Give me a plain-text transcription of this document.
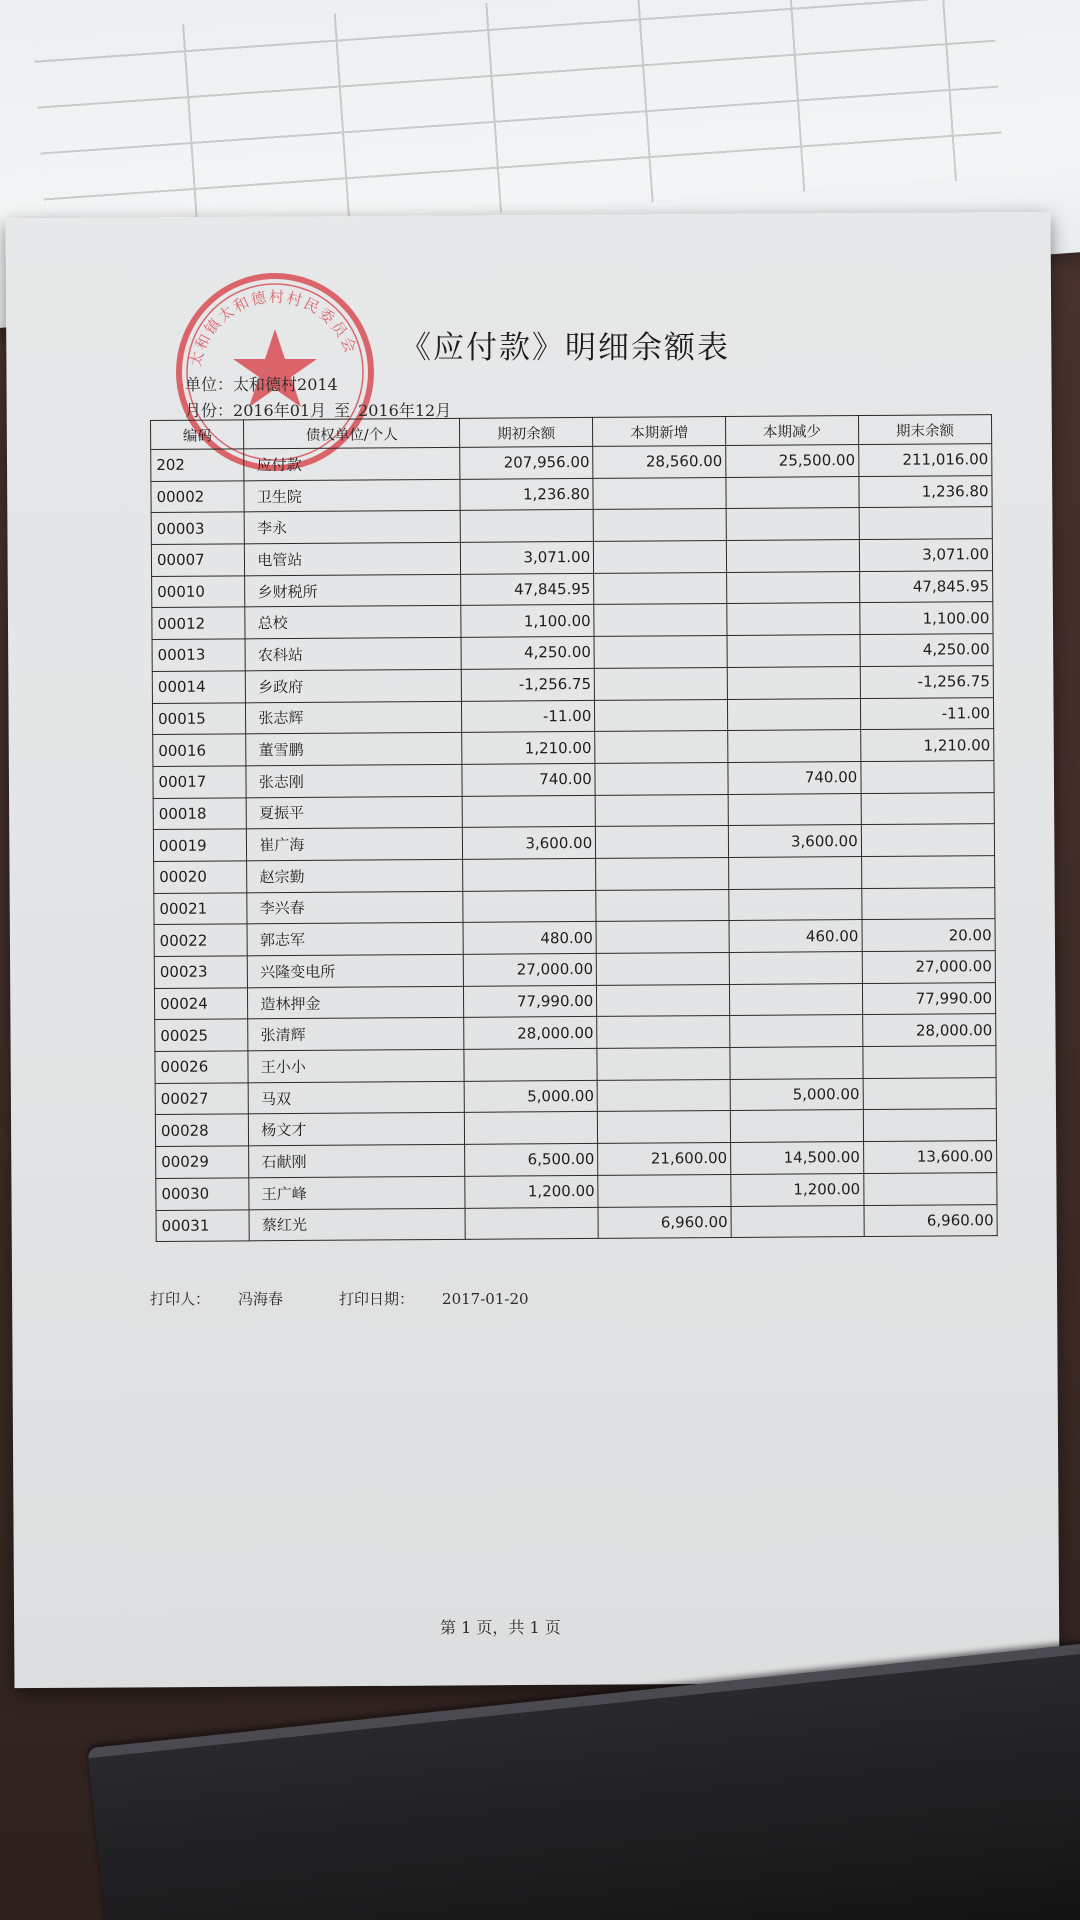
太和镇太和德村村民委员会 《应付款》明细余额表
单位：太和德村2014
月份：2016年01月 至 2016年12月
编码	债权单位/个人	期初余额	本期新增	本期减少	期末余额
202	应付款	207,956.00	28,560.00	25,500.00	211,016.00
00002	卫生院	1,236.80			1,236.80
00003	李永				
00007	电管站	3,071.00			3,071.00
00010	乡财税所	47,845.95			47,845.95
00012	总校	1,100.00			1,100.00
00013	农科站	4,250.00			4,250.00
00014	乡政府	-1,256.75			-1,256.75
00015	张志辉	-11.00			-11.00
00016	董雪鹏	1,210.00			1,210.00
00017	张志刚	740.00		740.00	
00018	夏振平				
00019	崔广海	3,600.00		3,600.00	
00020	赵宗勤				
00021	李兴春				
00022	郭志军	480.00		460.00	20.00
00023	兴隆变电所	27,000.00			27,000.00
00024	造林押金	77,990.00			77,990.00
00025	张清辉	28,000.00			28,000.00
00026	王小小				
00027	马双	5,000.00		5,000.00	
00028	杨文才				
00029	石献刚	6,500.00	21,600.00	14,500.00	13,600.00
00030	王广峰	1,200.00		1,200.00	
00031	蔡红光		6,960.00		6,960.00
打印人： 冯海春	打印日期： 2017-01-20
第 1 页，共 1 页
